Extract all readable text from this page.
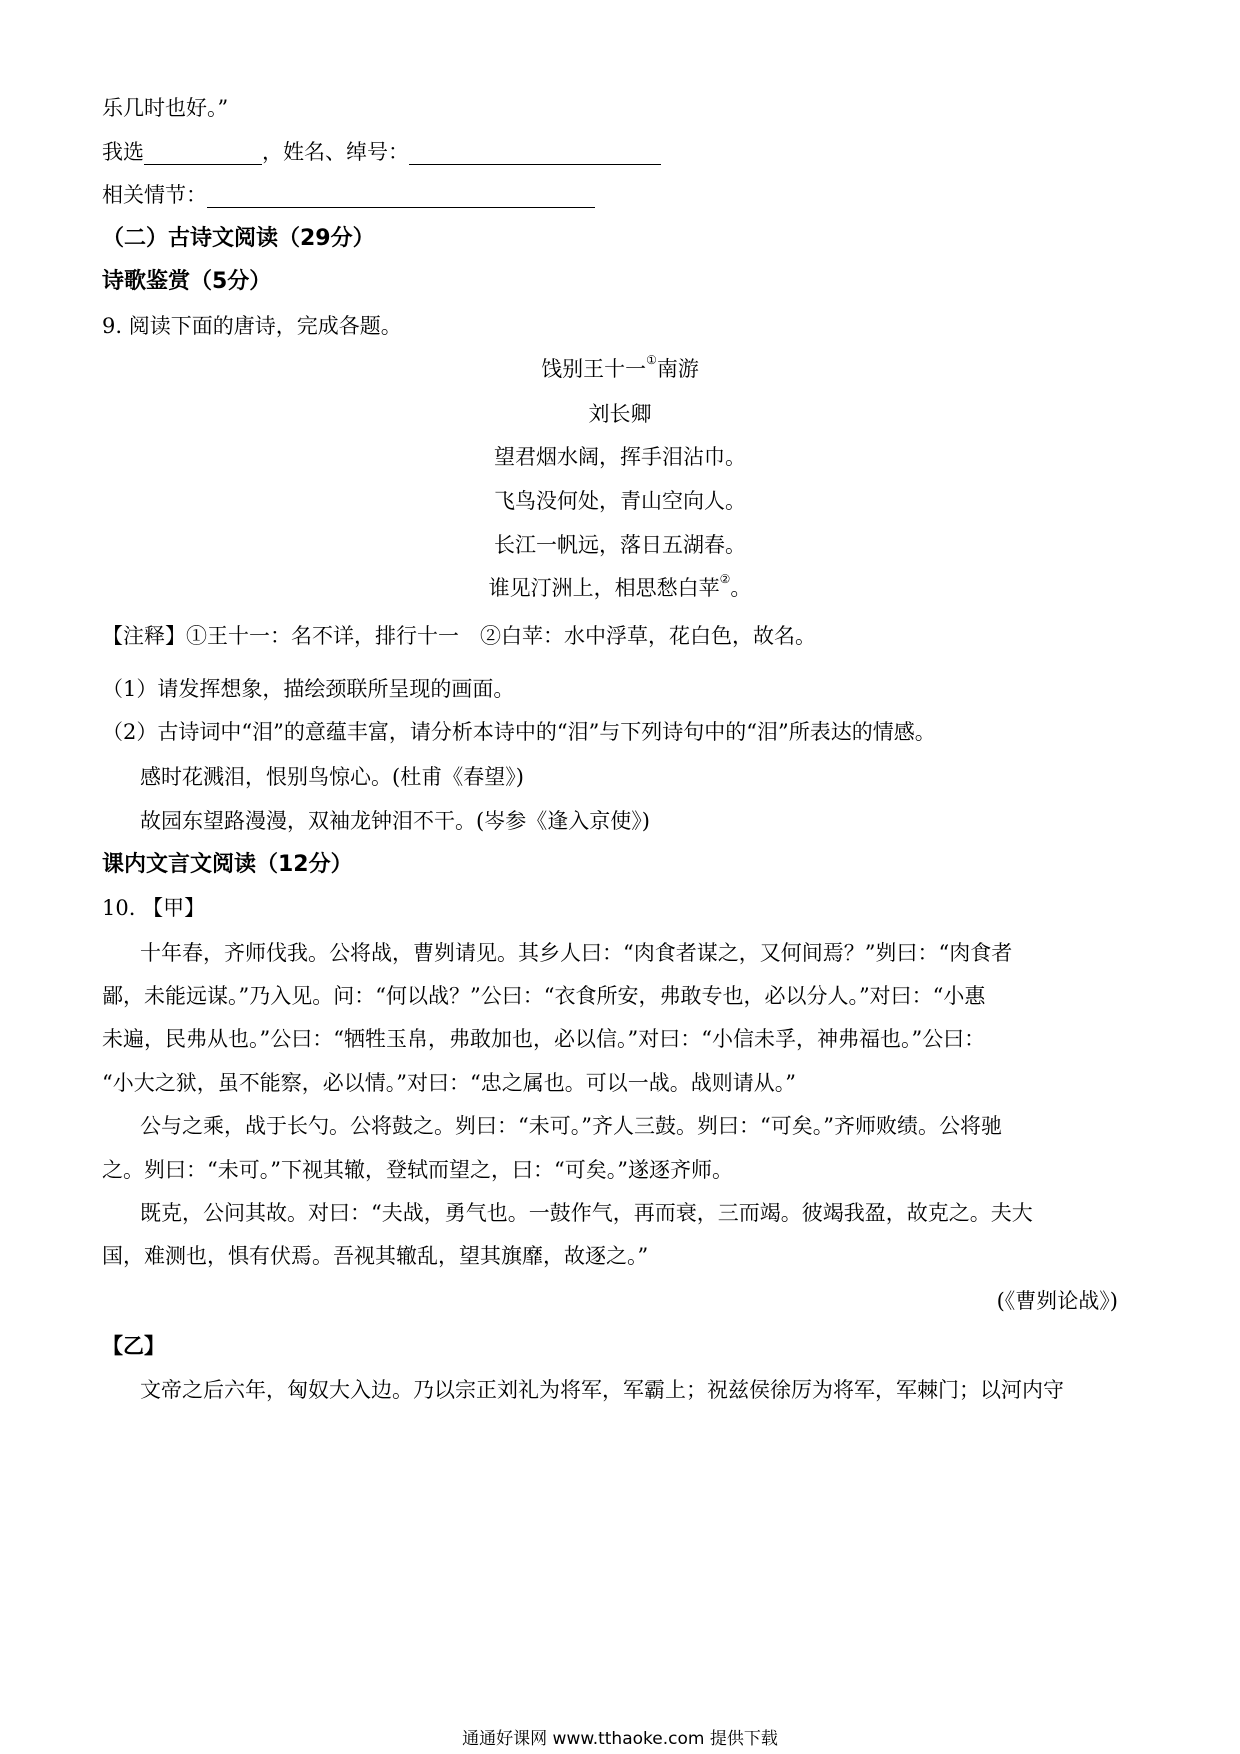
乐几时也好。”
我选	，姓名、绰号：
相关情节：
（二）古诗文阅读（29分）
诗歌鉴赏（5分）
9. 阅读下面的唐诗，完成各题。
饯别王十一①南游
刘长卿
望君烟水阔，挥手泪沾巾。
飞鸟没何处，青山空向人。
长江一帆远，落日五湖春。
谁见汀洲上，相思愁白苹②。
【注释】①王十一：名不详，排行十一　②白苹：水中浮草，花白色，故名。
（1）请发挥想象，描绘颈联所呈现的画面。
（2）古诗词中“泪”的意蕴丰富，请分析本诗中的“泪”与下列诗句中的“泪”所表达的情感。
感时花溅泪，恨别鸟惊心。(杜甫《春望》)
故园东望路漫漫，双袖龙钟泪不干。(岑参《逢入京使》)
课内文言文阅读（12分）
10. 【甲】
十年春，齐师伐我。公将战，曹刿请见。其乡人曰：“肉食者谋之，又何间焉？”刿曰：“肉食者
鄙，未能远谋。”乃入见。问：“何以战？”公曰：“衣食所安，弗敢专也，必以分人。”对曰：“小惠
未遍，民弗从也。”公曰：“牺牲玉帛，弗敢加也，必以信。”对曰：“小信未孚，神弗福也。”公曰：
“小大之狱，虽不能察，必以情。”对曰：“忠之属也。可以一战。战则请从。”
公与之乘，战于长勺。公将鼓之。刿曰：“未可。”齐人三鼓。刿曰：“可矣。”齐师败绩。公将驰
之。刿曰：“未可。”下视其辙，登轼而望之，曰：“可矣。”遂逐齐师。
既克，公问其故。对曰：“夫战，勇气也。一鼓作气，再而衰，三而竭。彼竭我盈，故克之。夫大
国，难测也，惧有伏焉。吾视其辙乱，望其旗靡，故逐之。”
(《曹刿论战》)
【乙】
文帝之后六年，匈奴大入边。乃以宗正刘礼为将军，军霸上；祝兹侯徐厉为将军，军棘门；以河内守
通通好课网 www.tthaoke.com 提供下载
